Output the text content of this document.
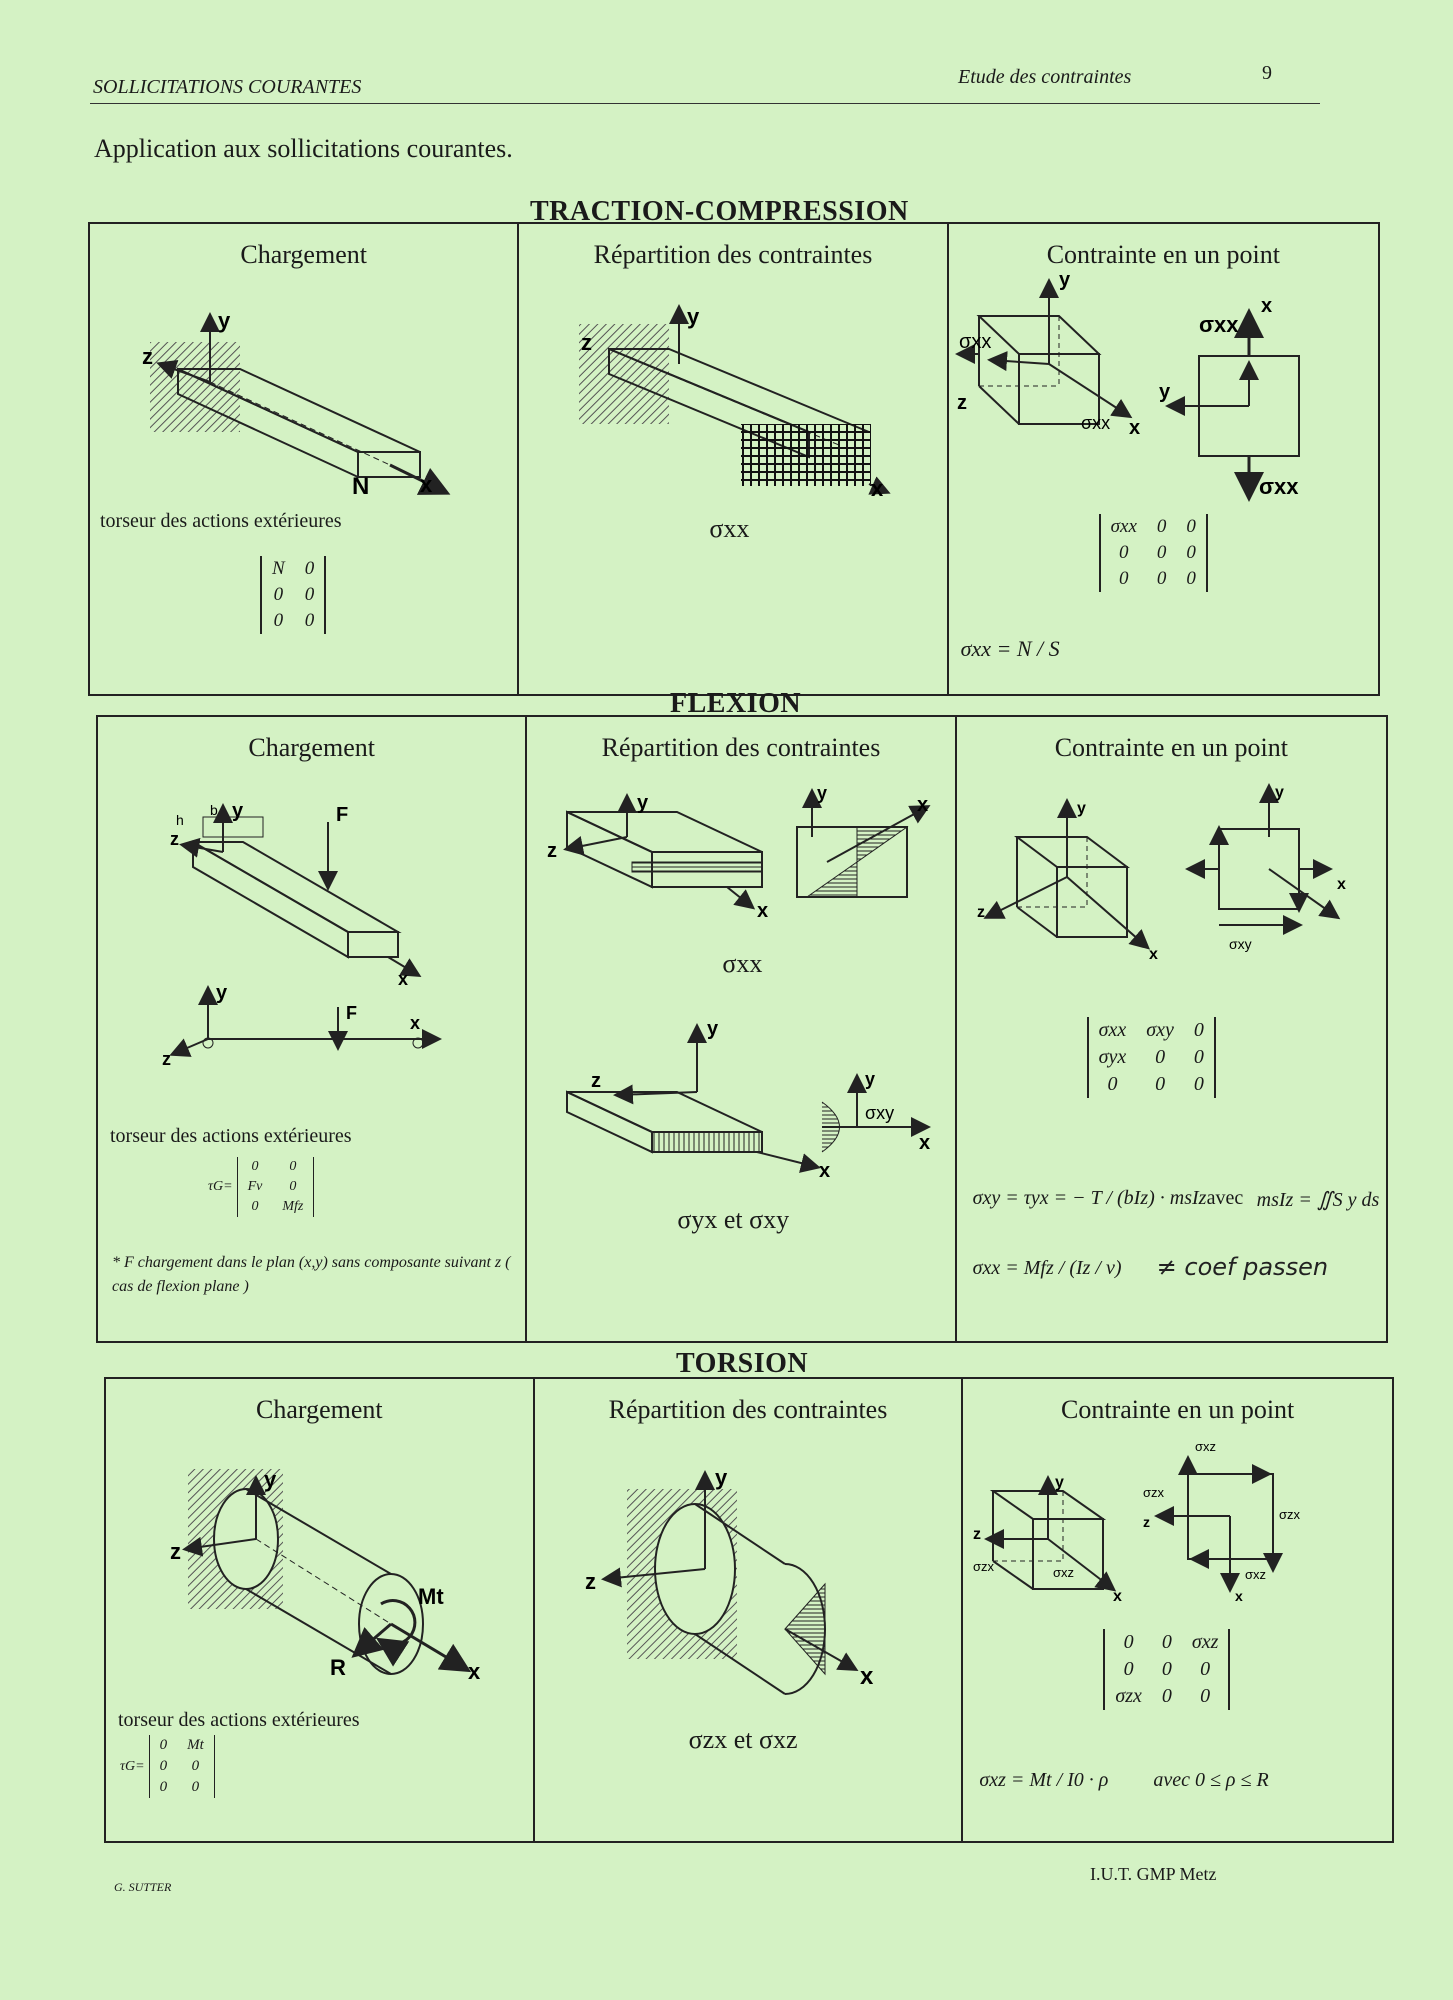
SOLLICITATIONS COURANTES	Etude des contraintes	9
Application aux sollicitations courantes.
TRACTION-COMPRESSION
Chargement
y
z
N x
torseur des actions extérieures
N	0
0	0
0	0
Répartition des contraintes
y
z
x
σxx
Contrainte en un point
y
z
x
σxx
σxx
σxx
x
y
σxx
σxx	0	0
0	0	0
0	0	0
σxx = N / S
FLEXION
Chargement
y
z
F
x
h
b
y
z
x
F
torseur des actions extérieures
τG=
0	0
Fv	0
0	Mfz
* F chargement dans le plan (x,y) sans composante suivant z ( cas de flexion plane )
Répartition des contraintes
y
z
x
y
x
y
z
x
y
σxy
x
σxx
σyx et σxy
Contrainte en un point
y
z
x
y
x
σxy
σxx	σxy	0
σyx	0	0
0	0	0
σxy = τyx = − T / (bIz) · msIz avec msIz = ∬S y ds
σxx = Mfz / (Iz / v) ≠ coef passen
TORSION
Chargement
y
z
x
Mt
R
torseur des actions extérieures
τG=
0	Mt
0	0
0	0
Répartition des contraintes
y
z
x
σzx et σxz
Contrainte en un point
y
z
x
σzx	σxz
σxz
σzx
σzx
σxz
z
x
0	0	σxz
0	0	0
σzx	0	0
σxz = Mt / I0 · ρ avec 0 ≤ ρ ≤ R
G. SUTTER
I.U.T. GMP Metz
